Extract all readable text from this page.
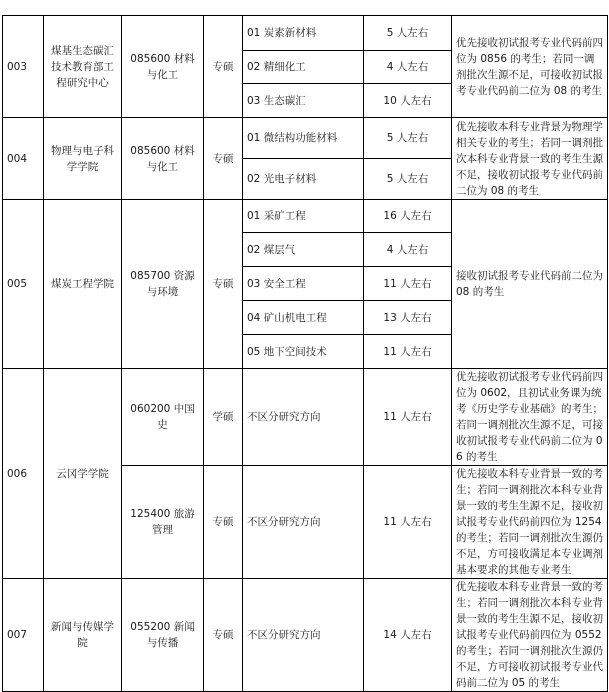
003	煤基生态碳汇技术教育部工程研究中心	085600 材料与化工	专硕	01 炭素新材料	5 人左右	优先接收初试报考专业代码前四位为 0856 的考生；若同一调剂批次生源不足，可接收初试报考专业代码前二位为 08 的考生
				02 精细化工	4 人左右	
				03 生态碳汇	10 人左右	
004	物理与电子科学学院	085600 材料与化工	专硕	01 微结构功能材料	5 人左右	优先接收本科专业背景为物理学相关专业的考生；若同一调剂批次本科专业背景一致的考生生源不足，接收初试报考专业代码前二位为 08 的考生
				02 光电子材料	5 人左右	
005	煤炭工程学院	085700 资源与环境	专硕	01 采矿工程	16 人左右	接收初试报考专业代码前二位为 08 的考生
				02 煤层气	4 人左右	
				03 安全工程	11 人左右	
				04 矿山机电工程	13 人左右	
				05 地下空间技术	11 人左右	
006	云冈学学院	060200 中国史	学硕	不区分研究方向	11 人左右	优先接收初试报考专业代码前四位为 0602，且初试业务课为统考《历史学专业基础》的考生；若同一调剂批次生源不足，可接收初试报考专业代码前二位为 06 的考生
		125400 旅游管理	专硕	不区分研究方向	11 人左右	优先接收本科专业背景一致的考生；若同一调剂批次本科专业背景一致的考生生源不足，接收初试报考专业代码前四位为 1254 的考生；若同一调剂批次生源仍不足，方可接收满足本专业调剂基本要求的其他专业考生
007	新闻与传媒学院	055200 新闻与传播	专硕	不区分研究方向	14 人左右	优先接收本科专业背景一致的考生；若同一调剂批次本科专业背景一致的考生生源不足，接收初试报考专业代码前四位为 0552 的考生；若同一调剂批次生源仍不足，方可接收初试报考专业代码前二位为 05 的考生
